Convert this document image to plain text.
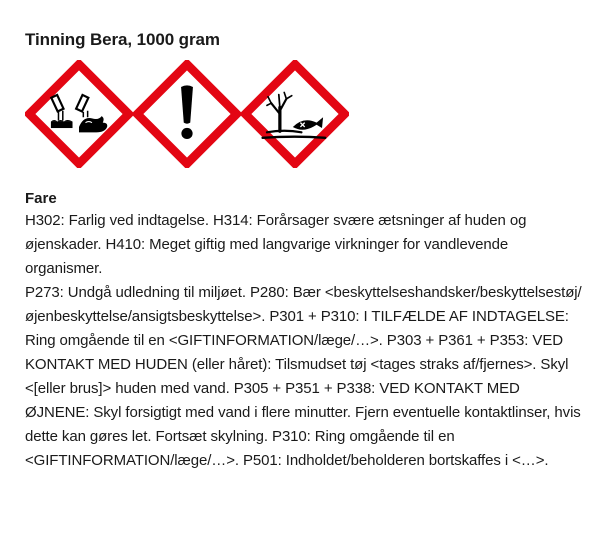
Tinning Bera, 1000 gram
Fare

H302: Farlig ved indtagelse. H314: Forårsager svære ætsninger af huden og øjenskader. H410: Meget giftig med langvarige virkninger for vandlevende organismer.

P273: Undgå udledning til miljøet. P280: Bær <beskyttelseshandsker/beskyttelsestøj/ øjenbeskyttelse/ansigtsbeskyttelse>. P301 + P310: I TILFÆLDE AF INDTAGELSE: Ring omgående til en <GIFTINFORMATION/læge/…>. P303 + P361 + P353: VED KONTAKT MED HUDEN (eller håret): Tilsmudset tøj <tages straks af/fjernes>. Skyl <[eller brus]> huden med vand. P305 + P351 + P338: VED KONTAKT MED ØJNENE: Skyl forsigtigt med vand i flere minutter. Fjern eventuelle kontaktlinser, hvis dette kan gøres let. Fortsæt skylning. P310: Ring omgående til en <GIFTINFORMATION/læge/…>. P501: Indholdet/beholderen bortskaffes i <…>.
